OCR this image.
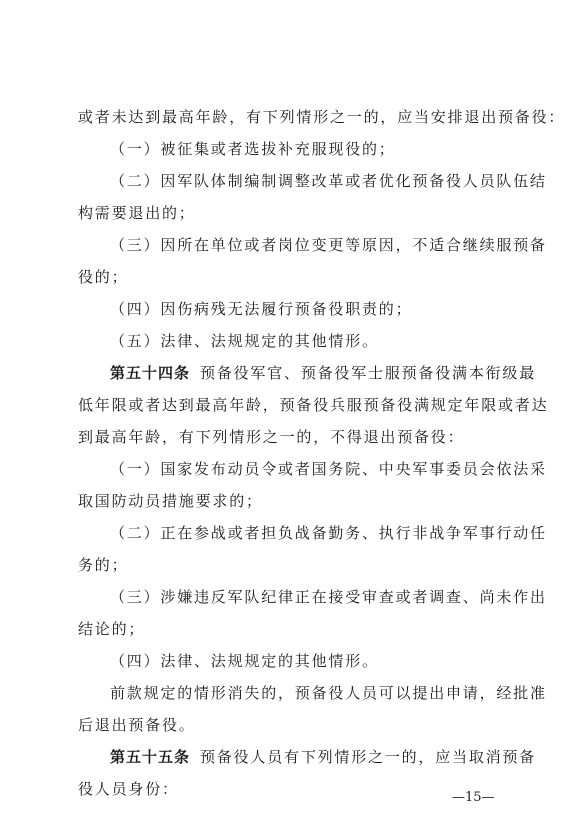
或者未达到最高年龄，有下列情形之一的，应当安排退出预备役：
（一）被征集或者选拔补充服现役的；
（二）因军队体制编制调整改革或者优化预备役人员队伍结
构需要退出的；
（三）因所在单位或者岗位变更等原因，不适合继续服预备
役的；
（四）因伤病残无法履行预备役职责的；
（五）法律、法规规定的其他情形。
第五十四条 预备役军官、预备役军士服预备役满本衔级最
低年限或者达到最高年龄，预备役兵服预备役满规定年限或者达
到最高年龄，有下列情形之一的，不得退出预备役：
（一）国家发布动员令或者国务院、中央军事委员会依法采
取国防动员措施要求的；
（二）正在参战或者担负战备勤务、执行非战争军事行动任
务的；
（三）涉嫌违反军队纪律正在接受审查或者调查、尚未作出
结论的；
（四）法律、法规规定的其他情形。
前款规定的情形消失的，预备役人员可以提出申请，经批准
后退出预备役。
第五十五条 预备役人员有下列情形之一的，应当取消预备
役人员身份：	—15—
